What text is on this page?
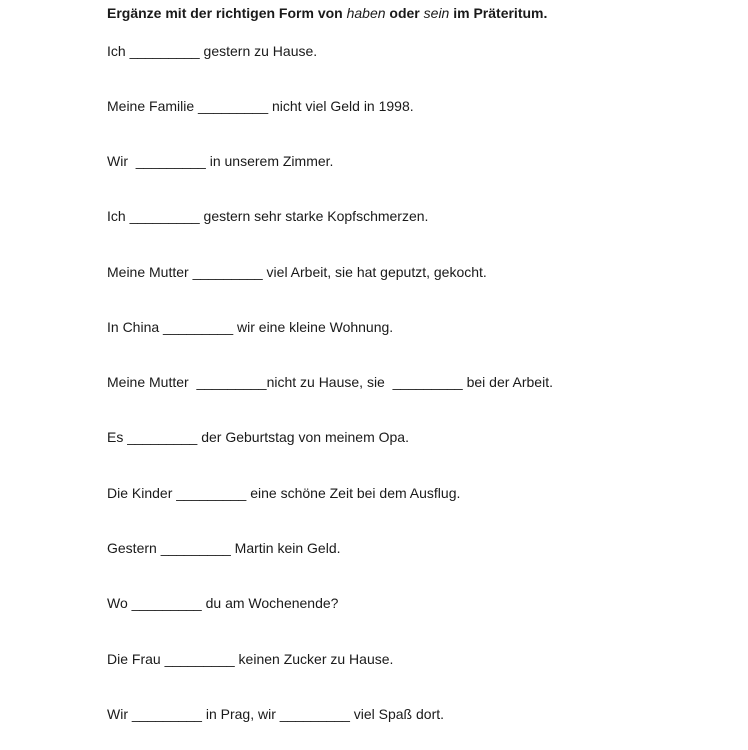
Ergänze mit der richtigen Form von haben oder sein im Präteritum.
Ich _________ gestern zu Hause.
Meine Familie _________ nicht viel Geld in 1998.
Wir  _________ in unserem Zimmer.
Ich _________ gestern sehr starke Kopfschmerzen.
Meine Mutter _________ viel Arbeit, sie hat geputzt, gekocht.
In China _________ wir eine kleine Wohnung.
Meine Mutter  _________nicht zu Hause, sie  _________ bei der Arbeit.
Es _________ der Geburtstag von meinem Opa.
Die Kinder _________ eine schöne Zeit bei dem Ausflug.
Gestern _________ Martin kein Geld.
Wo _________ du am Wochenende?
Die Frau _________ keinen Zucker zu Hause.
Wir _________ in Prag, wir _________ viel Spaß dort.
